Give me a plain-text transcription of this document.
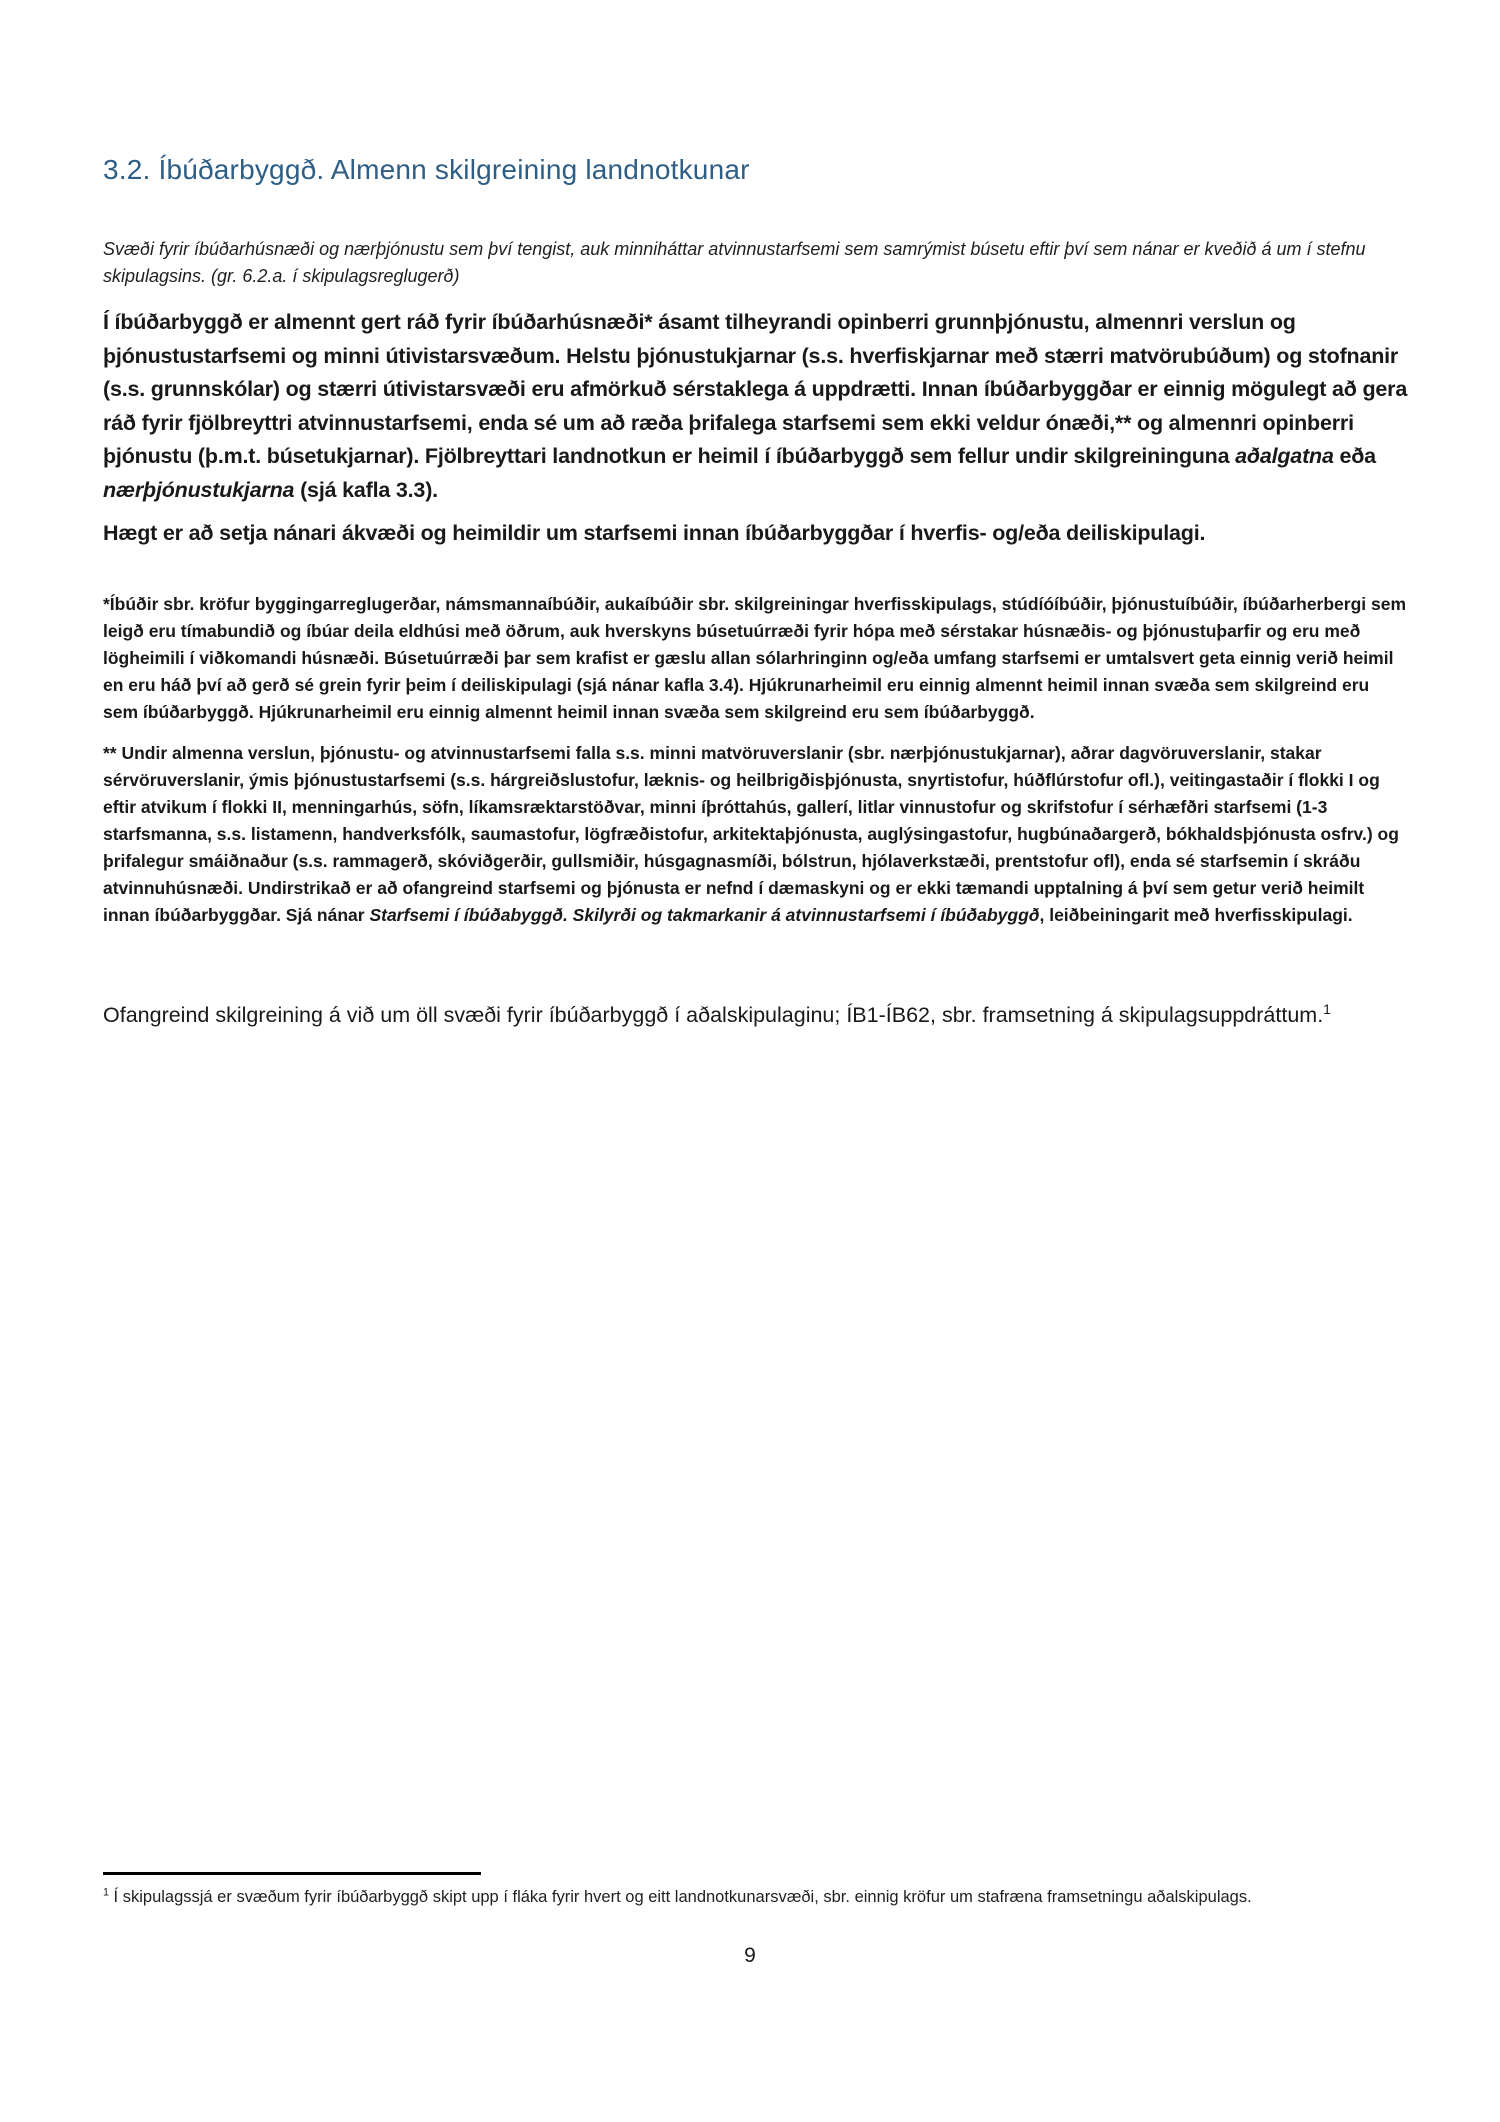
3.2. Íbúðarbyggð. Almenn skilgreining landnotkunar

Svæði fyrir íbúðarhúsnæði og nærþjónustu sem því tengist, auk minniháttar atvinnustarfsemi sem samrýmist búsetu eftir því sem nánar er kveðið á um í stefnu skipulagsins. (gr. 6.2.a. í skipulagsreglugerð)

Í íbúðarbyggð er almennt gert ráð fyrir íbúðarhúsnæði* ásamt tilheyrandi opinberri grunnþjónustu, almennri verslun og þjónustustarfsemi og minni útivistarsvæðum. Helstu þjónustukjarnar (s.s. hverfiskjarnar með stærri matvörubúðum) og stofnanir (s.s. grunnskólar) og stærri útivistarsvæði eru afmörkuð sérstaklega á uppdrætti. Innan íbúðarbyggðar er einnig mögulegt að gera ráð fyrir fjölbreyttri atvinnustarfsemi, enda sé um að ræða þrifalega starfsemi sem ekki veldur ónæði,** og almennri opinberri þjónustu (þ.m.t. búsetukjarnar). Fjölbreyttari landnotkun er heimil í íbúðarbyggð sem fellur undir skilgreininguna aðalgatna eða nærþjónustukjarna (sjá kafla 3.3).

Hægt er að setja nánari ákvæði og heimildir um starfsemi innan íbúðarbyggðar í hverfis- og/eða deiliskipulagi.

*Íbúðir sbr. kröfur byggingarreglugerðar, námsmannaíbúðir, aukaíbúðir sbr. skilgreiningar hverfisskipulags, stúdíóíbúðir, þjónustuíbúðir, íbúðarherbergi sem leigð eru tímabundið og íbúar deila eldhúsi með öðrum, auk hverskyns búsetuúrræði fyrir hópa með sérstakar húsnæðis- og þjónustuþarfir og eru með lögheimili í viðkomandi húsnæði. Búsetuúrræði þar sem krafist er gæslu allan sólarhringinn og/eða umfang starfsemi er umtalsvert geta einnig verið heimil en eru háð því að gerð sé grein fyrir þeim í deiliskipulagi (sjá nánar kafla 3.4). Hjúkrunarheimil eru einnig almennt heimil innan svæða sem skilgreind eru sem íbúðarbyggð. Hjúkrunarheimil eru einnig almennt heimil innan svæða sem skilgreind eru sem íbúðarbyggð.

** Undir almenna verslun, þjónustu- og atvinnustarfsemi falla s.s. minni matvöruverslanir (sbr. nærþjónustukjarnar), aðrar dagvöruverslanir, stakar sérvöruverslanir, ýmis þjónustustarfsemi (s.s. hárgreiðslustofur, læknis- og heilbrigðisþjónusta, snyrtistofur, húðflúrstofur ofl.), veitingastaðir í flokki I og eftir atvikum í flokki II, menningarhús, söfn, líkamsræktarstöðvar, minni íþróttahús, gallerí, litlar vinnustofur og skrifstofur í sérhæfðri starfsemi (1-3 starfsmanna, s.s. listamenn, handverksfólk, saumastofur, lögfræðistofur, arkitektaþjónusta, auglýsingastofur, hugbúnaðargerð, bókhaldsþjónusta osfrv.) og þrifalegur smáiðnaður (s.s. rammagerð, skóviðgerðir, gullsmiðir, húsgagnasmíði, bólstrun, hjólaverkstæði, prentstofur ofl), enda sé starfsemin í skráðu atvinnuhúsnæði. Undirstrikað er að ofangreind starfsemi og þjónusta er nefnd í dæmaskyni og er ekki tæmandi upptalning á því sem getur verið heimilt innan íbúðarbyggðar. Sjá nánar Starfsemi í íbúðabyggð. Skilyrði og takmarkanir á atvinnustarfsemi í íbúðabyggð, leiðbeiningarit með hverfisskipulagi.

Ofangreind skilgreining á við um öll svæði fyrir íbúðarbyggð í aðalskipulaginu; ÍB1-ÍB62, sbr. framsetning á skipulagsuppdráttum.$^1$

$^1$ Í skipulagssjá er svæðum fyrir íbúðarbyggð skipt upp í fláka fyrir hvert og eitt landnotkunarsvæði, sbr. einnig kröfur um stafræna framsetningu aðalskipulags.

9
